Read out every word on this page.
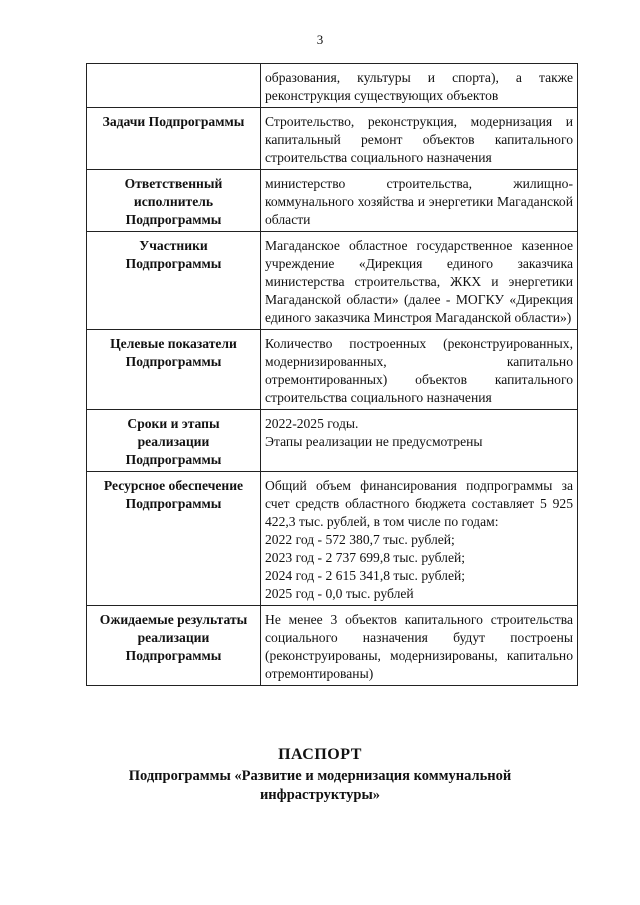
3
	образования, культуры и спорта), а также реконструкция существующих объектов
Задачи Подпрограммы	Строительство, реконструкция, модернизация и капитальный ремонт объектов капитального строительства социального назначения
Ответственный исполнитель Подпрограммы	министерство строительства, жилищно-коммунального хозяйства и энергетики Магаданской области
Участники Подпрограммы	Магаданское областное государственное казенное учреждение «Дирекция единого заказчика министерства строительства, ЖКХ и энергетики Магаданской области» (далее - МОГКУ «Дирекция единого заказчика Минстроя Магаданской области»)
Целевые показатели Подпрограммы	Количество построенных (реконструированных, модернизированных, капитально отремонтированных) объектов капитального строительства социального назначения
Сроки и этапы реализации Подпрограммы	2022-2025 годы.
Этапы реализации не предусмотрены

Ресурсное обеспечение Подпрограммы	Общий объем финансирования подпрограммы за счет средств областного бюджета составляет 5 925 422,3 тыс. рублей, в том числе по годам:
2022 год - 572 380,7 тыс. рублей;
2023 год - 2 737 699,8 тыс. рублей;
2024 год - 2 615 341,8 тыс. рублей;
2025 год - 0,0 тыс. рублей

Ожидаемые результаты реализации Подпрограммы	Не менее 3 объектов капитального строительства социального назначения будут построены (реконструированы, модернизированы, капитально отремонтированы)
ПАСПОРТ
Подпрограммы «Развитие и модернизация коммунальной
инфраструктуры»
